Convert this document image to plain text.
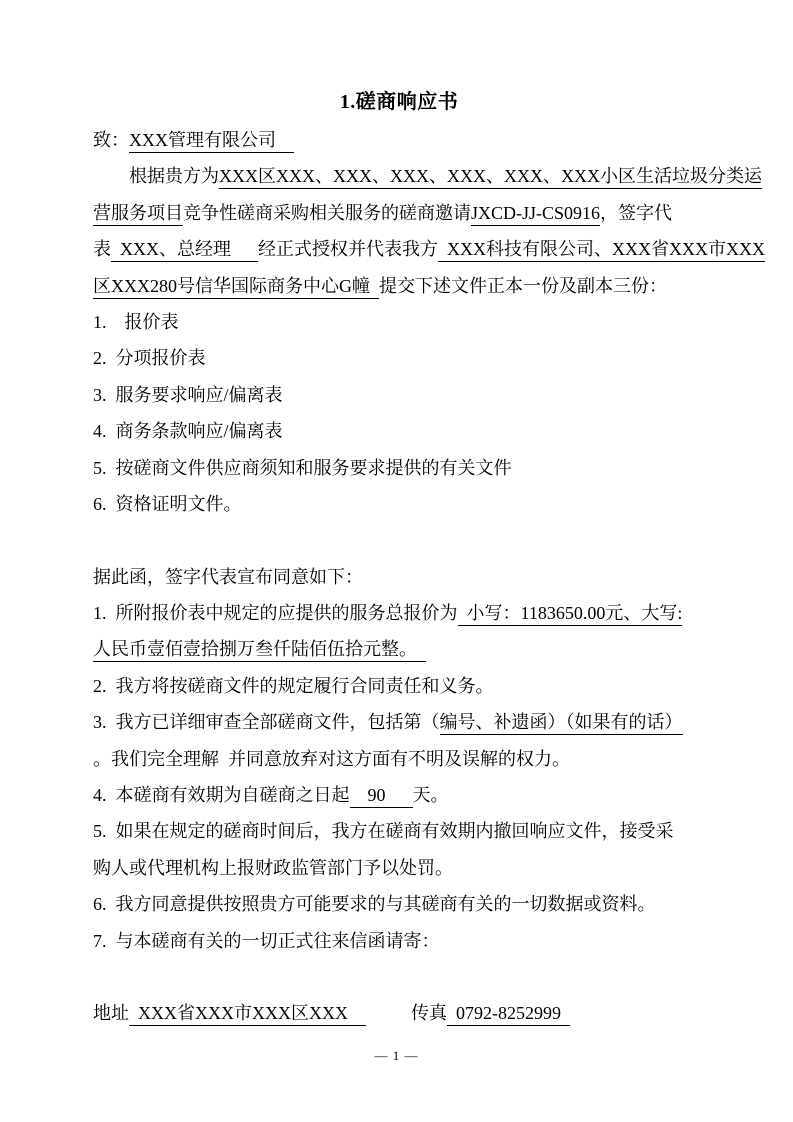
1.磋商响应书
致：XXX管理有限公司 
  根据贵方为XXX区XXX、XXX、XXX、XXX、XXX、XXX小区生活垃圾分类运
营服务项目竞争性磋商采购相关服务的磋商邀请JXCD-JJ-CS0916，签字代
表 XXX、总经理  经正式授权并代表我方 XXX科技有限公司、XXX省XXX市XXX
区XXX280号信华国际商务中心G幢 提交下述文件正本一份及副本三份：
1. 报价表
2. 分项报价表
3. 服务要求响应/偏离表
4. 商务条款响应/偏离表
5. 按磋商文件供应商须知和服务要求提供的有关文件
6. 资格证明文件。
据此函，签字代表宣布同意如下：
1. 所附报价表中规定的应提供的服务总报价为 小写：1183650.00元、大写:
人民币壹佰壹拾捌万叁仟陆佰伍拾元整。 
2. 我方将按磋商文件的规定履行合同责任和义务。
3. 我方已详细审查全部磋商文件，包括第（编号、补遗函）（如果有的话）
。我们完全理解 并同意放弃对这方面有不明及误解的权力。
4. 本磋商有效期为自磋商之日起 90  天。
5. 如果在规定的磋商时间后，我方在磋商有效期内撤回响应文件，接受采
购人或代理机构上报财政监管部门予以处罚。
6. 我方同意提供按照贵方可能要求的与其磋商有关的一切数据或资料。
7. 与本磋商有关的一切正式往来信函请寄：
地址 XXX省XXX市XXX区XXX    	传真 0792-8252999 
— 1 —
